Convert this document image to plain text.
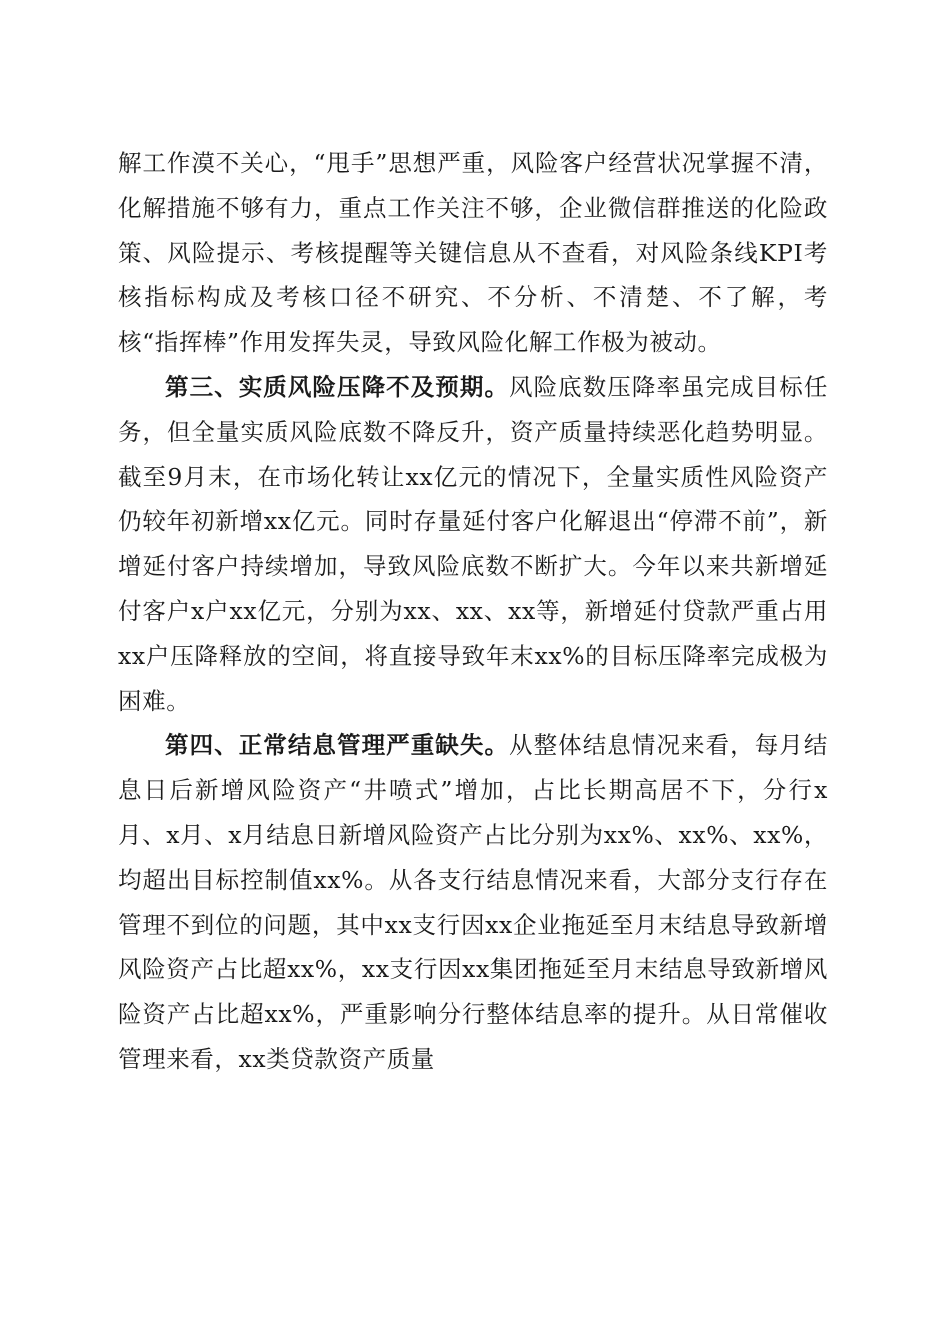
解工作漠不关心，“甩手”思想严重，风险客户经营状况掌握不清，化解措施不够有力，重点工作关注不够，企业微信群推送的化险政策、风险提示、考核提醒等关键信息从不查看，对风险条线KPI考核指标构成及考核口径不研究、不分析、不清楚、不了解，考核“指挥棒”作用发挥失灵，导致风险化解工作极为被动。

第三、实质风险压降不及预期。风险底数压降率虽完成目标任务，但全量实质风险底数不降反升，资产质量持续恶化趋势明显。截至9月末，在市场化转让xx亿元的情况下，全量实质性风险资产仍较年初新增xx亿元。同时存量延付客户化解退出“停滞不前”，新增延付客户持续增加，导致风险底数不断扩大。今年以来共新增延付客户x户xx亿元，分别为xx、xx、xx等，新增延付贷款严重占用xx户压降释放的空间，将直接导致年末xx%的目标压降率完成极为困难。

第四、正常结息管理严重缺失。从整体结息情况来看，每月结息日后新增风险资产“井喷式”增加，占比长期高居不下，分行x月、x月、x月结息日新增风险资产占比分别为xx%、xx%、xx%，均超出目标控制值xx%。从各支行结息情况来看，大部分支行存在管理不到位的问题，其中xx支行因xx企业拖延至月末结息导致新增风险资产占比超xx%，xx支行因xx集团拖延至月末结息导致新增风险资产占比超xx%，严重影响分行整体结息率的提升。从日常催收管理来看，xx类贷款资产质量
